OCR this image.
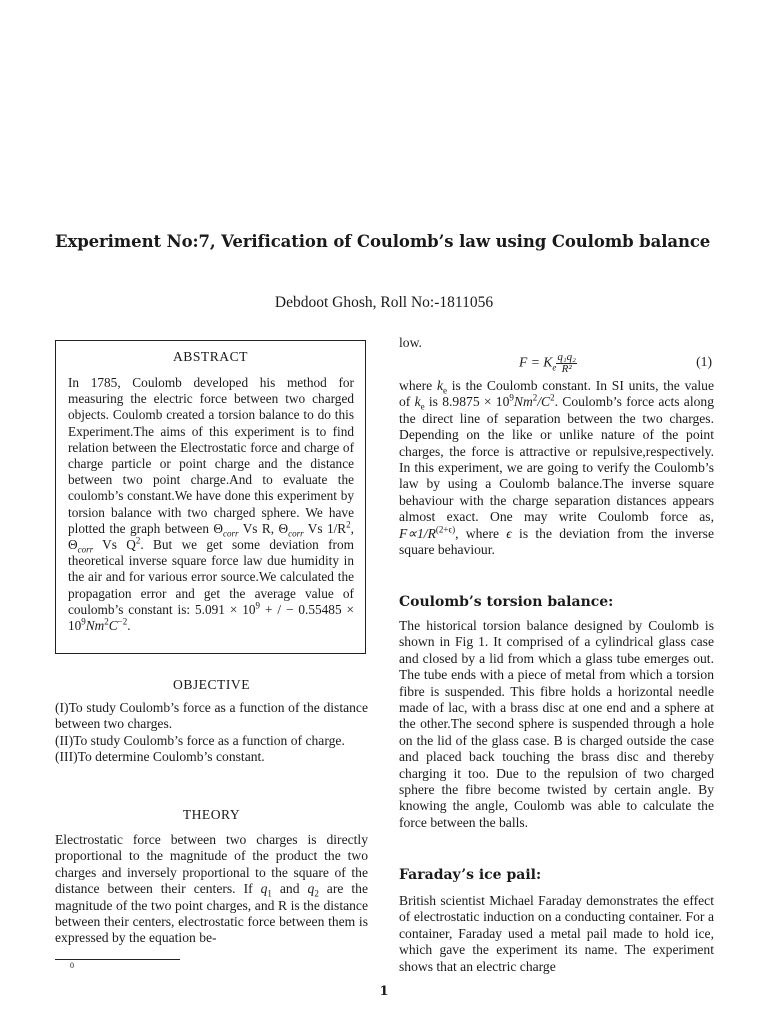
Experiment No:7, Verification of Coulomb’s law using Coulomb balance
Debdoot Ghosh, Roll No:-1811056
ABSTRACT

In 1785, Coulomb developed his method for measuring the electric force between two charged objects. Coulomb created a torsion balance to do this Experiment.The aims of this experiment is to find relation between the Electrostatic force and charge of charge particle or point charge and the distance between two point charge.And to evaluate the coulomb’s constant.We have done this experiment by torsion balance with two charged sphere. We have plotted the graph between $\Theta_{corr}$ Vs R, $\Theta_{corr}$ Vs $1/R^2$, $\Theta_{corr}$ Vs $Q^2$. But we get some deviation from theoretical inverse square force law due humidity in the air and for various error source.We calculated the propagation error and get the average value of coulomb’s constant is: $5.091 \times 10^9$ + / − $0.55485 \times 10^9Nm^2C^{-2}$.

OBJECTIVE

(I)To study Coulomb’s force as a function of the distance between two charges.

(II)To study Coulomb’s force as a function of charge.

(III)To determine Coulomb’s constant.

THEORY

Electrostatic force between two charges is directly proportional to the magnitude of the product the two charges and inversely proportional to the square of the distance between their centers. If $q_1$ and $q_2$ are the magnitude of the two point charges, and R is the distance between their centers, electrostatic force between them is expressed by the equation be-

low.
$F = K_e \frac{\text{q₁q₂}}{\text{R²}}$	(1)

where $k_e$ is the Coulomb constant. In SI units, the value of $k_e$ is $8.9875 \times 10^9Nm^2/C^2$. Coulomb’s force acts along the direct line of separation between the two charges. Depending on the like or unlike nature of the point charges, the force is attractive or repulsive,respectively. In this experiment, we are going to verify the Coulomb’s law by using a Coulomb balance.The inverse square behaviour with the charge separation distances appears almost exact. One may write Coulomb force as, $F\propto 1/R^{(2+\epsilon)}$, where ϵ is the deviation from the inverse square behaviour.

Coulomb’s torsion balance:
The historical torsion balance designed by Coulomb is shown in Fig 1. It comprised of a cylindrical glass case and closed by a lid from which a glass tube emerges out. The tube ends with a piece of metal from which a torsion fibre is suspended. This fibre holds a horizontal needle made of lac, with a brass disc at one end and a sphere at the other.The second sphere is suspended through a hole on the lid of the glass case. B is charged outside the case and placed back touching the brass disc and thereby charging it too. Due to the repulsion of two charged sphere the fibre become twisted by certain angle. By knowing the angle, Coulomb was able to calculate the force between the balls.
Faraday’s ice pail:
British scientist Michael Faraday demonstrates the effect of electrostatic induction on a conducting container. For a container, Faraday used a metal pail made to hold ice, which gave the experiment its name. The experiment shows that an electric charge
0
1
